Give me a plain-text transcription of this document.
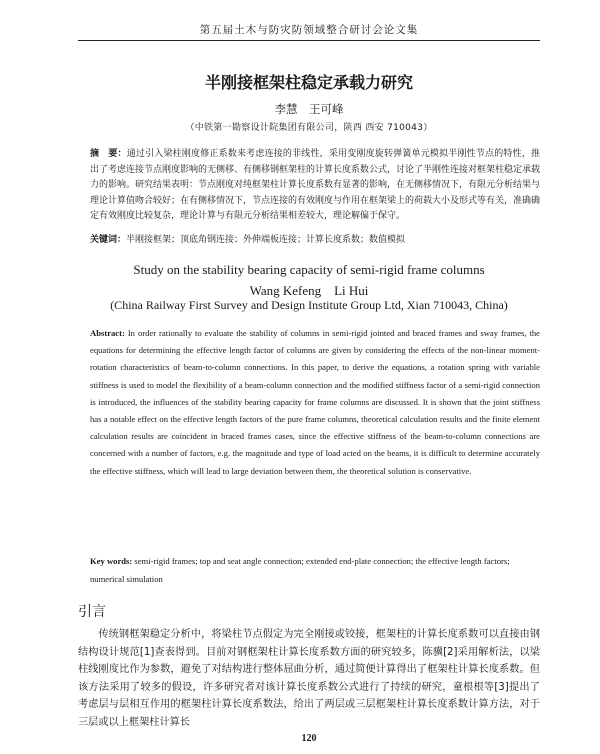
第五届土木与防灾防领域整合研讨会论文集
半刚接框架柱稳定承载力研究
李慧　王可峰
（中铁第一勘察设计院集团有限公司，陕西 西安 710043）
摘　要：通过引入梁柱刚度修正系数来考虑连接的非线性，采用变刚度旋转弹簧单元模拟半刚性节点的特性，推出了考虑连接节点刚度影响的无侧移、有侧移钢框架柱的计算长度系数公式，讨论了半刚性连接对框架柱稳定承载力的影响。研究结果表明：节点刚度对纯框架柱计算长度系数有显著的影响，在无侧移情况下，有限元分析结果与理论计算值吻合较好；在有侧移情况下，节点连接的有效刚度与作用在框架梁上的荷载大小及形式等有关，准确确定有效刚度比较复杂，理论计算与有限元分析结果相差较大，理论解偏于保守。
关键词：半刚接框架；顶底角钢连接；外伸端板连接；计算长度系数；数值模拟
Study on the stability bearing capacity of semi-rigid frame columns
Wang Kefeng　Li Hui
(China Railway First Survey and Design Institute Group Ltd, Xian 710043, China)
Abstract: In order rationally to evaluate the stability of columns in semi-rigid jointed and braced frames and sway frames, the equations for determining the effective length factor of columns are given by considering the effects of the non-linear moment-rotation characteristics of beam-to-column connections. In this paper, to derive the equations, a rotation spring with variable stiffness is used to model the flexibility of a beam-column connection and the modified stiffness factor of a semi-rigid connection is introduced, the influences of the stability bearing capacity for frame columns are discussed. It is shown that the joint stiffness has a notable effect on the effective length factors of the pure frame columns, theoretical calculation results and the finite element calculation results are coincident in braced frames cases, since the effective stiffness of the beam-to-column connections are concerned with a number of factors, e.g. the magnitude and type of load acted on the beams, it is difficult to determine accurately the effective stiffness, which will lead to large deviation between them, the theoretical solution is conservative.
Key words: semi-rigid frames; top and seat angle connection; extended end-plate connection; the effective length factors; numerical simulation
引言
传统钢框架稳定分析中，将梁柱节点假定为完全刚接或铰接，框架柱的计算长度系数可以直接由钢结构设计规范[1]查表得到。目前对钢框架柱计算长度系数方面的研究较多，陈骥[2]采用解析法，以梁柱线刚度比作为参数，避免了对结构进行整体屈曲分析，通过简便计算得出了框架柱计算长度系数。但该方法采用了较多的假设，许多研究者对该计算长度系数公式进行了持续的研究，童根根等[3]提出了考虑层与层相互作用的框架柱计算长度系数法，给出了两层或三层框架柱计算长度系数计算方法，对于三层或以上框架柱计算长
120
